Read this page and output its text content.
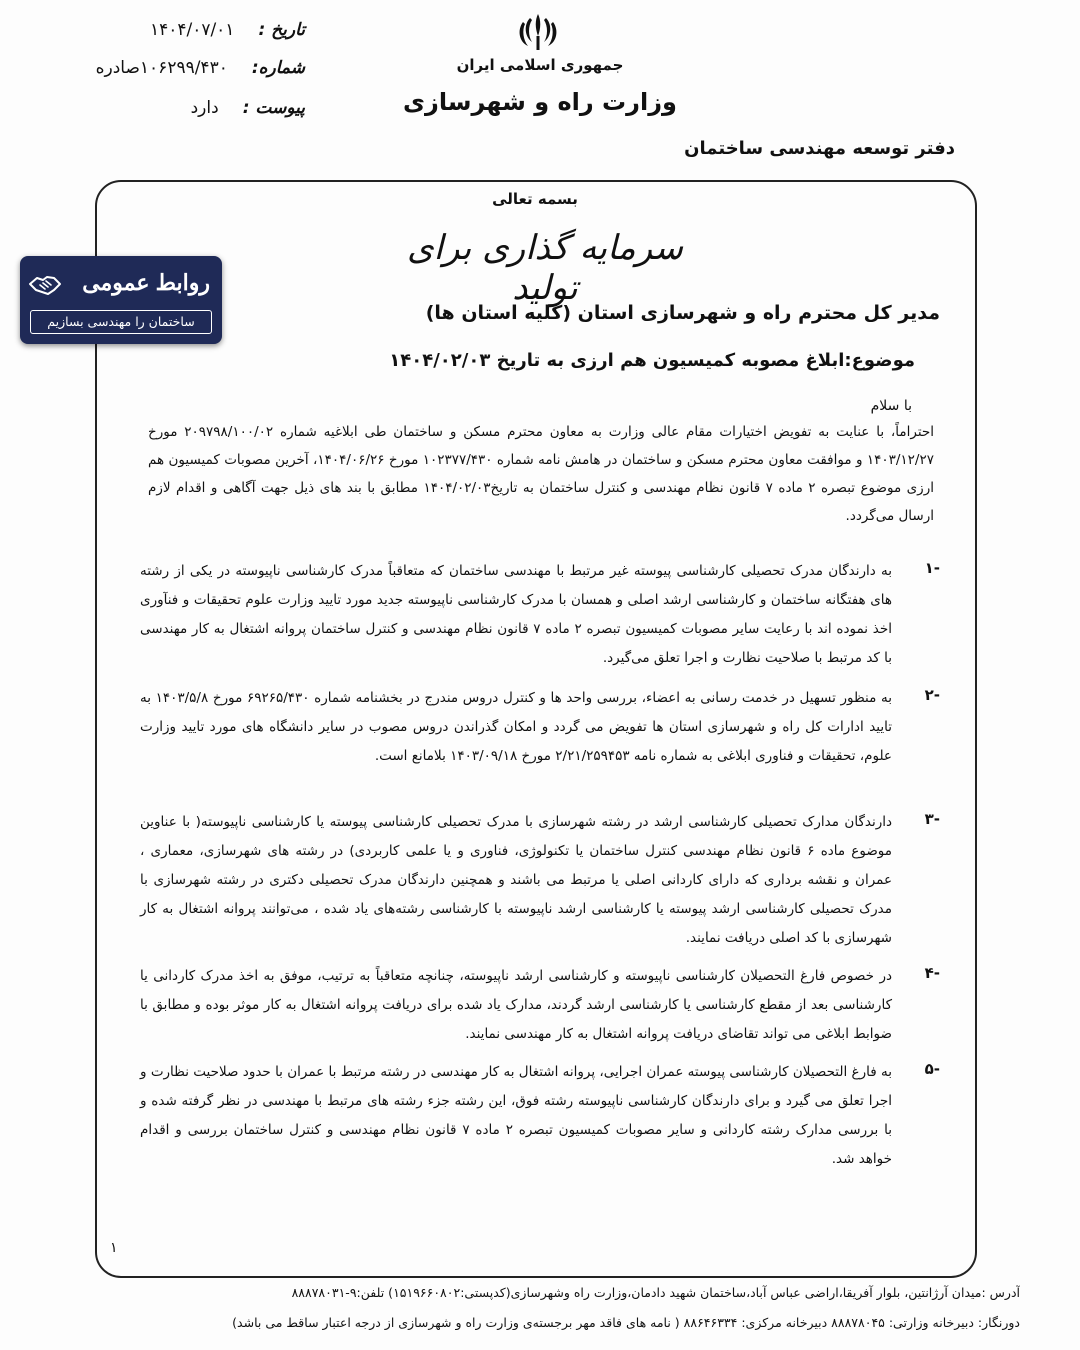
جمهوری اسلامی ایران
وزارت راه و شهرسازی
دفتر توسعه مهندسی ساختمان
تاریخ :
۱۴۰۴/۰۷/۰۱
شماره:
۱۰۶۲۹۹/۴۳۰صادره
پیوست :
دارد
بسمه تعالی
سرمایه گذاری برای تولید
مدیر کل محترم راه و شهرسازی استان (کلیه استان ها)
موضوع:ابلاغ مصوبه کمیسیون هم ارزی به تاریخ ۱۴۰۴/۰۲/۰۳
با سلام
احتراماً، با عنایت به تفویض اختیارات مقام عالی وزارت به معاون محترم مسکن و ساختمان طی ابلاغیه شماره ۲۰۹۷۹۸/۱۰۰/۰۲ مورخ ۱۴۰۳/۱۲/۲۷ و موافقت معاون محترم مسکن و ساختمان در هامش نامه شماره ۱۰۲۳۷۷/۴۳۰ مورخ ۱۴۰۴/۰۶/۲۶، آخرین مصوبات کمیسیون هم ارزی موضوع تبصره ۲ ماده ۷ قانون نظام مهندسی و کنترل ساختمان به تاریخ۱۴۰۴/۰۲/۰۳ مطابق با بند های ذیل جهت آگاهی و اقدام لازم ارسال می‌گردد.
-۱
به دارندگان مدرک تحصیلی کارشناسی پیوسته غیر مرتبط با مهندسی ساختمان که متعاقباً مدرک کارشناسی ناپیوسته در یکی از رشته های هفتگانه ساختمان و کارشناسی ارشد اصلی و همسان با مدرک کارشناسی ناپیوسته جدید مورد تایید وزارت علوم تحقیقات و فنآوری اخذ نموده اند با رعایت سایر مصوبات کمیسیون تبصره ۲ ماده ۷ قانون نظام مهندسی و کنترل ساختمان پروانه اشتغال به کار مهندسی با کد مرتبط با صلاحیت نظارت و اجرا تعلق می‌گیرد.
-۲
به منظور تسهیل در خدمت رسانی به اعضاء، بررسی واحد ها و کنترل دروس مندرج در بخشنامه شماره ۶۹۲۶۵/۴۳۰ مورخ ۱۴۰۳/۵/۸ به تایید ادارات کل راه و شهرسازی استان ها تفویض می گردد و امکان گذراندن دروس مصوب در سایر دانشگاه های مورد تایید وزارت علوم، تحقیقات و فناوری ابلاغی به شماره نامه ۲/۲۱/۲۵۹۴۵۳ مورخ ۱۴۰۳/۰۹/۱۸ بلامانع است.
-۳
دارندگان مدارک تحصیلی کارشناسی ارشد در رشته شهرسازی با مدرک تحصیلی کارشناسی پیوسته یا کارشناسی ناپیوسته( با عناوین موضوع ماده ۶ قانون نظام مهندسی کنترل ساختمان یا تکنولوژی، فناوری و یا علمی کاربردی) در رشته های شهرسازی، معماری ، عمران و نقشه برداری که دارای کاردانی اصلی یا مرتبط می باشند و همچنین دارندگان مدرک تحصیلی دکتری در رشته شهرسازی با مدرک تحصیلی کارشناسی ارشد پیوسته یا کارشناسی ارشد ناپیوسته با کارشناسی رشته‌های یاد شده ، می‌توانند پروانه اشتغال به کار شهرسازی با کد اصلی دریافت نمایند.
-۴
در خصوص فارغ التحصیلان کارشناسی ناپیوسته و کارشناسی ارشد ناپیوسته، چنانچه متعاقباً به ترتیب، موفق به اخذ مدرک کاردانی یا کارشناسی بعد از مقطع کارشناسی یا کارشناسی ارشد گردند، مدارک یاد شده برای دریافت پروانه اشتغال به کار موثر بوده و مطابق با ضوابط ابلاغی می تواند تقاضای دریافت پروانه اشتغال به کار مهندسی نمایند.
-۵
به فارغ التحصیلان کارشناسی پیوسته عمران اجرایی، پروانه اشتغال به کار مهندسی در رشته مرتبط با عمران با حدود صلاحیت نظارت و اجرا تعلق می گیرد و برای دارندگان کارشناسی ناپیوسته رشته فوق، این رشته جزء رشته های مرتبط با مهندسی در نظر گرفته شده و با بررسی مدارک رشته کاردانی و سایر مصوبات کمیسیون تبصره ۲ ماده ۷ قانون نظام مهندسی و کنترل ساختمان بررسی و اقدام خواهد شد.
۱
آدرس :میدان آرژانتین، بلوار آفریقا،اراضی عباس آباد،ساختمان شهید دادمان،وزارت راه وشهرسازی(کدپستی:۱۵۱۹۶۶۰۸۰۲) تلفن:۹-۸۸۸۷۸۰۳۱
دورنگار: دبیرخانه وزارتی: ۸۸۸۷۸۰۴۵ دبیرخانه مرکزی: ۸۸۶۴۶۳۳۴ ( نامه های فاقد مهر برجسته‌ی وزارت راه و شهرسازی از درجه اعتبار ساقط می باشد)
روابط عمومی
ساختمان را مهندسی بسازیم
